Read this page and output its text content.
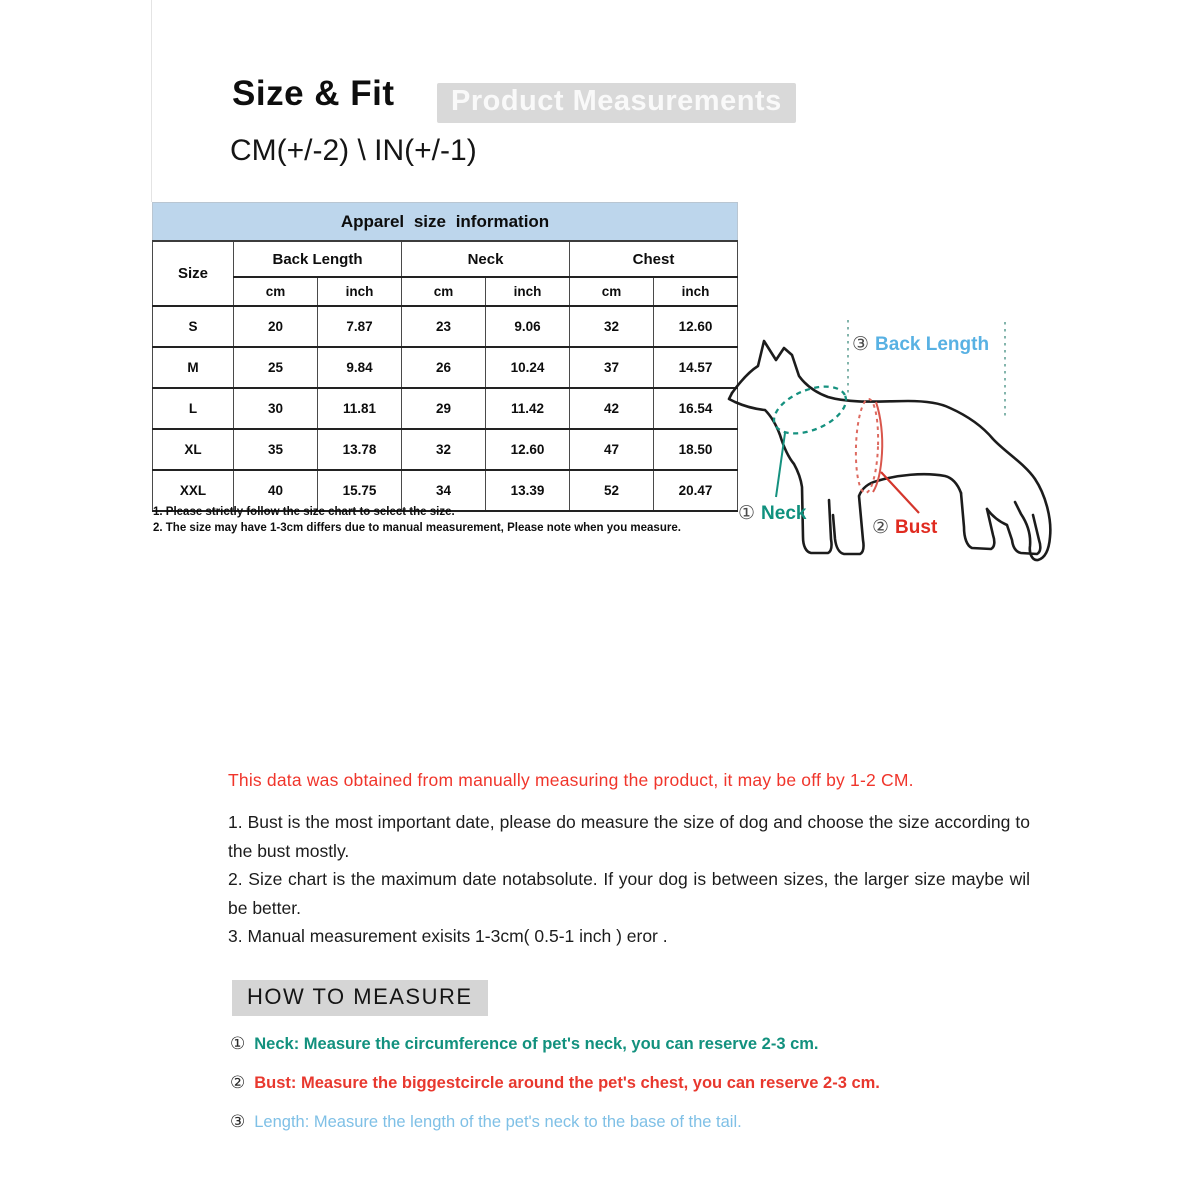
Size & Fit	Product Measurements
CM(+/-2) \ IN(+/-1)
Apparel size information						
Size	Back Length		Neck		Chest	
	cm	inch	cm	inch	cm	inch
S	20	7.87	23	9.06	32	12.60
M	25	9.84	26	10.24	37	14.57
L	30	11.81	29	11.42	42	16.54
XL	35	13.78	32	12.60	47	18.50
XXL	40	15.75	34	13.39	52	20.47
1. Please strictly follow the size chart to select the size.
2. The size may have 1-3cm differs due to manual measurement, Please note when you measure.
③ Back Length
① Neck
② Bust
This data was obtained from manually measuring the product, it may be off by 1-2 CM.
1. Bust is the most important date, please do measure the size of dog and choose the size according to the bust mostly.
2. Size chart is the maximum date notabsolute. If your dog is between sizes, the larger size maybe wil be better.
3. Manual measurement exisits 1-3cm( 0.5-1 inch ) eror .
HOW TO MEASURE
① Neck: Measure the circumference of pet's neck, you can reserve 2-3 cm.
② Bust: Measure the biggestcircle around the pet's chest, you can reserve 2-3 cm.
③ Length: Measure the length of the pet's neck to the base of the tail.
